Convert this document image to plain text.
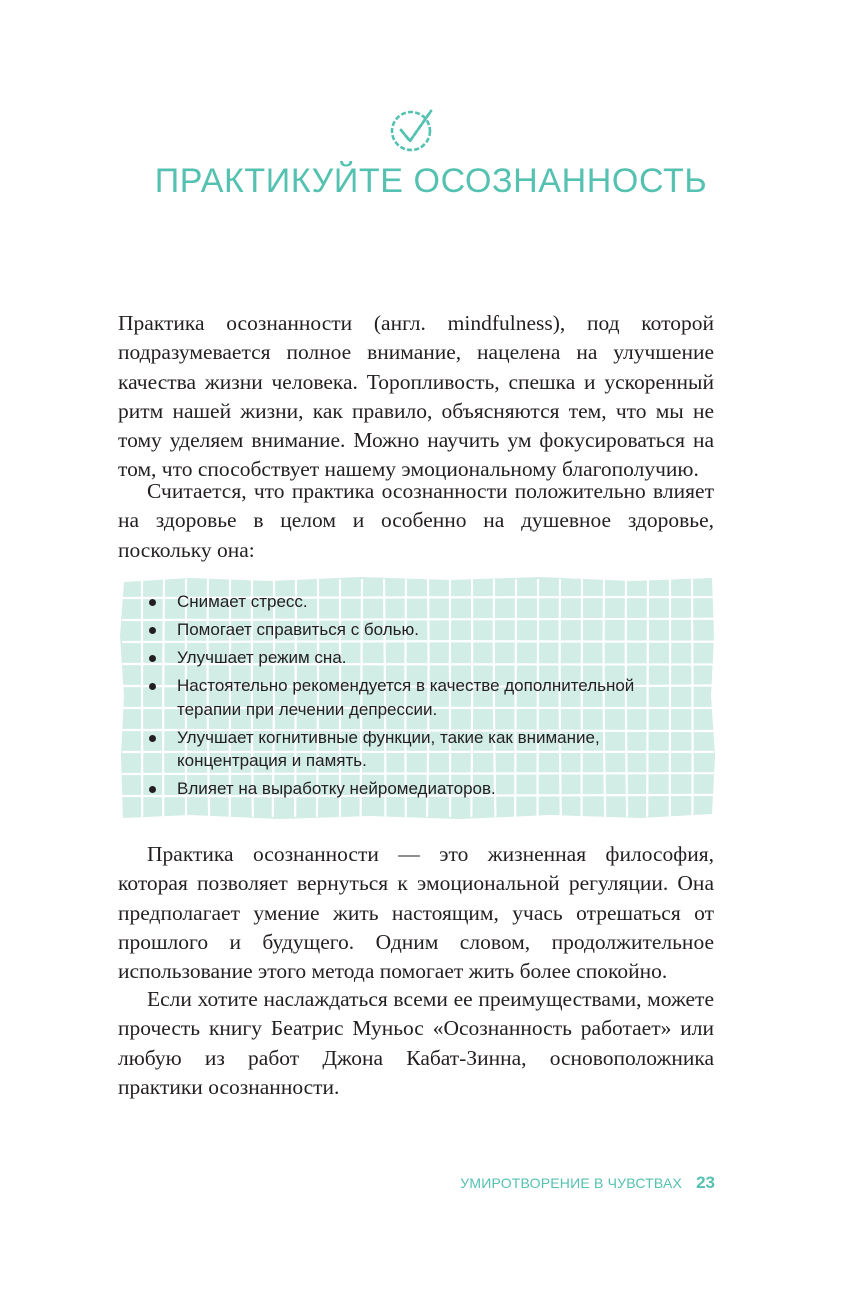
ПРАКТИКУЙТЕ ОСОЗНАННОСТЬ

Практика осознанности (англ. mindfulness), под которой подразумевается полное внимание, нацелена на улучшение качества жизни человека. Торопливость, спешка и ускоренный ритм нашей жизни, как правило, объясняются тем, что мы не тому уделяем внимание. Можно научить ум фокусироваться на том, что способствует нашему эмоциональному благополучию.

Считается, что практика осознанности положительно влияет на здоровье в целом и особенно на душевное здоровье, поскольку она:

Снимает стресс.
Помогает справиться с болью.
Улучшает режим сна.
Настоятельно рекомендуется в качестве дополнительной терапии при лечении депрессии.
Улучшает когнитивные функции, такие как внимание, концентрация и память.
Влияет на выработку нейромедиаторов.

Практика осознанности — это жизненная философия, которая позволяет вернуться к эмоциональной регуляции. Она предполагает умение жить настоящим, учась отрешаться от прошлого и будущего. Одним словом, продолжительное использование этого метода помогает жить более спокойно.

Если хотите наслаждаться всеми ее преимуществами, можете прочесть книгу Беатрис Муньос «Осознанность работает» или любую из работ Джона Кабат-Зинна, основоположника практики осознанности.

УМИРОТВОРЕНИЕ В ЧУВСТВАХ 23
